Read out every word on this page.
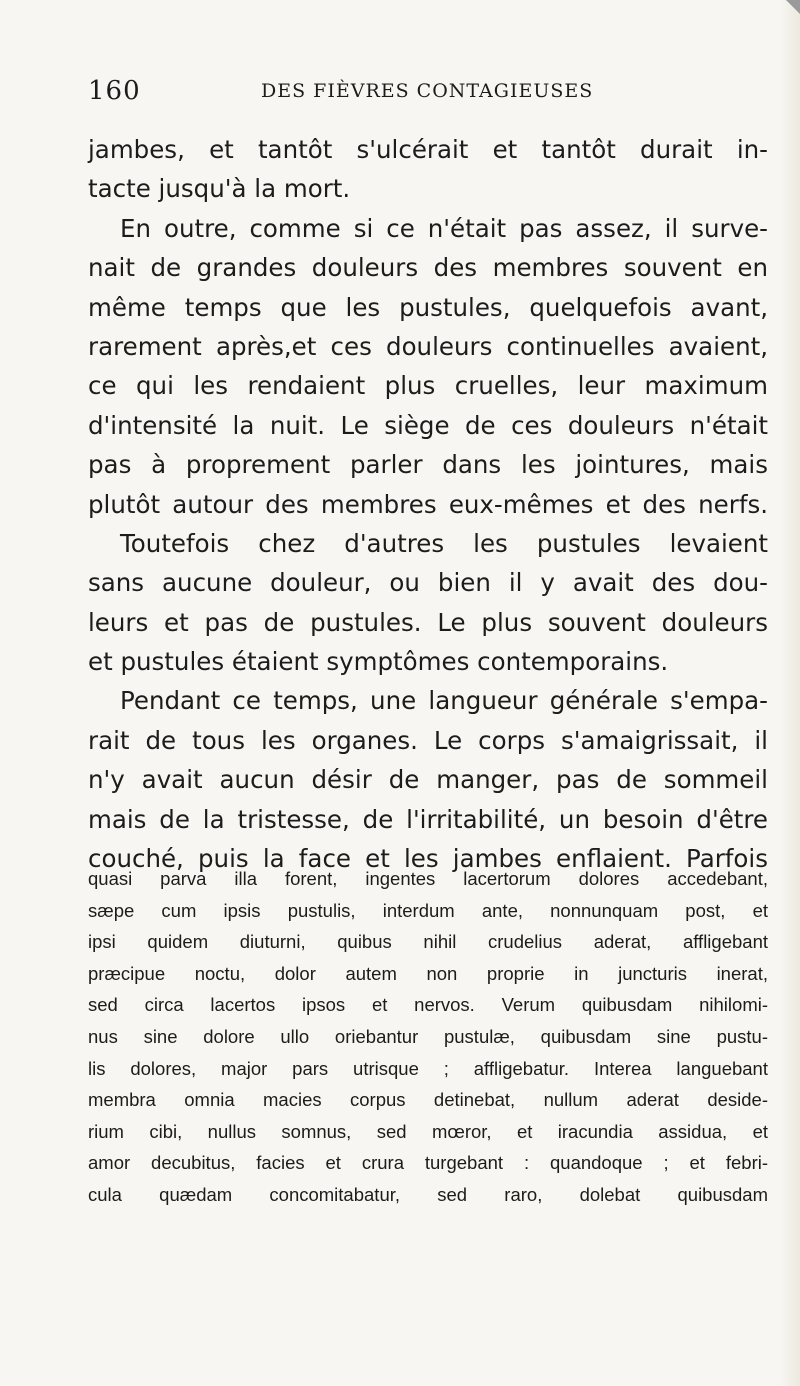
160	DES FIÈVRES CONTAGIEUSES

jambes, et tantôt s'ulcérait et tantôt durait in-

tacte jusqu'à la mort.

En outre, comme si ce n'était pas assez, il surve-

nait de grandes douleurs des membres souvent en

même temps que les pustules, quelquefois avant,

rarement après,et ces douleurs continuelles avaient,

ce qui les rendaient plus cruelles, leur maximum

d'intensité la nuit. Le siège de ces douleurs n'était

pas à proprement parler dans les jointures, mais

plutôt autour des membres eux-mêmes et des nerfs.

Toutefois chez d'autres les pustules levaient

sans aucune douleur, ou bien il y avait des dou-

leurs et pas de pustules. Le plus souvent douleurs

et pustules étaient symptômes contemporains.

Pendant ce temps, une langueur générale s'empa-

rait de tous les organes. Le corps s'amaigrissait, il

n'y avait aucun désir de manger, pas de sommeil

mais de la tristesse, de l'irritabilité, un besoin d'être

couché, puis la face et les jambes enflaient. Parfois

quasi parva illa forent, ingentes lacertorum dolores accedebant,

sæpe cum ipsis pustulis, interdum ante, nonnunquam post, et

ipsi quidem diuturni, quibus nihil crudelius aderat, affligebant

præcipue noctu, dolor autem non proprie in juncturis inerat,

sed circa lacertos ipsos et nervos. Verum quibusdam nihilomi-

nus sine dolore ullo oriebantur pustulæ, quibusdam sine pustu-

lis dolores, major pars utrisque ; affligebatur. Interea languebant

membra omnia macies corpus detinebat, nullum aderat deside-

rium cibi, nullus somnus, sed mœror, et iracundia assidua, et

amor decubitus, facies et crura turgebant : quandoque ; et febri-

cula quædam concomitabatur, sed raro, dolebat quibusdam
